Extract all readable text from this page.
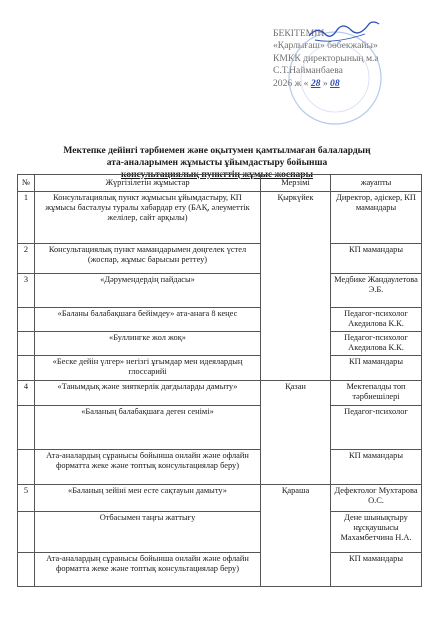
БЕКІТЕМІН
«Қарлығаш» бөбекжайы»
КМКК директорының м.а
С.Т.Найманбаева
2026 ж « 28 » 08
Мектепке дейінгі тәрбиемен және оқытумен қамтылмаған балалардың
ата-аналарымен жұмысты ұйымдастыру бойынша
консультациялық пункттің жұмыс жоспары
№	Жүргізілетін жұмыстар	Мерзімі	жауапты
1	Консультациялық пункт жұмысын ұйымдастыру, КП жұмысы басталуы туралы хабардар ету (БАҚ, әлеуметтік желілер, сайт арқылы)	Қыркүйек	Директор, әдіскер, КП мамандары
2	Консультациялық пункт мамандарымен дөңгелек үстел (жоспар, жұмыс барысын реттеу)		КП мамандары
3	«Дәрумендердің пайдасы»		Медбике Жандаулетова Э.Б.
	«Баланы балабақшаға бейімдеу» ата-анаға 8 кеңес		Педагог-психолог Акедилова К.К.
	«Буллингке жол жоқ»		Педагог-психолог Акедилова К.К.
	«Беске дейін үлгер» негізгі ұғымдар мен идеялардың глоссарийі		КП мамандары
4	«Танымдық және зияткерлік дағдыларды дамыту»	Қазан	Мектепалды топ тәрбиешілері
	«Баланың балабақшаға деген сенімі»		Педагог-психолог
	Ата-аналардың сұранысы бойынша онлайн және офлайн форматта жеке және топтық консультациялар беру)		КП мамандары
5	«Баланың зейіні мен есте сақтауын дамыту»	Қараша	Дефектолог Мухтарова О.С.
	Отбасымен таңғы жаттығу		Дене шынықтыру нұсқаушысы Махамбетчина Н.А.
	Ата-аналардың сұранысы бойынша онлайн және офлайн форматта жеке және топтық консультациялар беру)		КП мамандары
